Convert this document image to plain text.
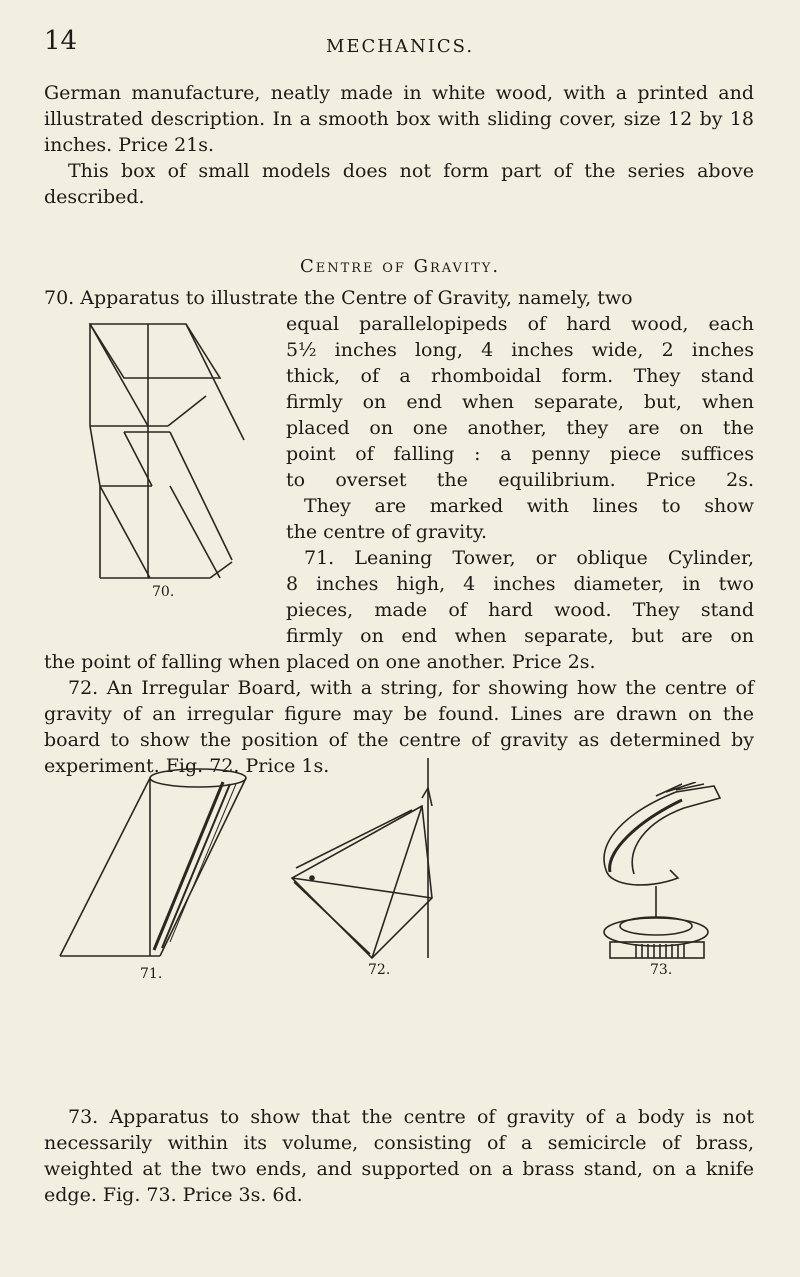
14	MECHANICS.

German manufacture, neatly made in white wood, with a printed and illustrated description. In a smooth box with sliding cover, size 12 by 18 inches. Price 21s.

This box of small models does not form part of the series above described.

Centre of Gravity.

70. Apparatus to illustrate the Centre of Gravity, namely, two

equal parallelopipeds of hard wood, each

5½ inches long, 4 inches wide, 2 inches

thick, of a rhomboidal form. They stand

firmly on end when separate, but, when

placed on one another, they are on the

point of falling : a penny piece suffices

to overset the equilibrium. Price 2s.

They are marked with lines to show

the centre of gravity.

71. Leaning Tower, or oblique Cylinder,

8 inches high, 4 inches diameter, in two

pieces, made of hard wood. They stand

firmly on end when separate, but are on

70.

the point of falling when placed on one another. Price 2s.

72. An Irregular Board, with a string, for showing how the centre of gravity of an irregular figure may be found. Lines are drawn on the board to show the position of the centre of gravity as determined by experiment. Fig. 72. Price 1s.

71.	72.	73.

73. Apparatus to show that the centre of gravity of a body is not necessarily within its volume, consisting of a semicircle of brass, weighted at the two ends, and supported on a brass stand, on a knife edge. Fig. 73. Price 3s. 6d.
